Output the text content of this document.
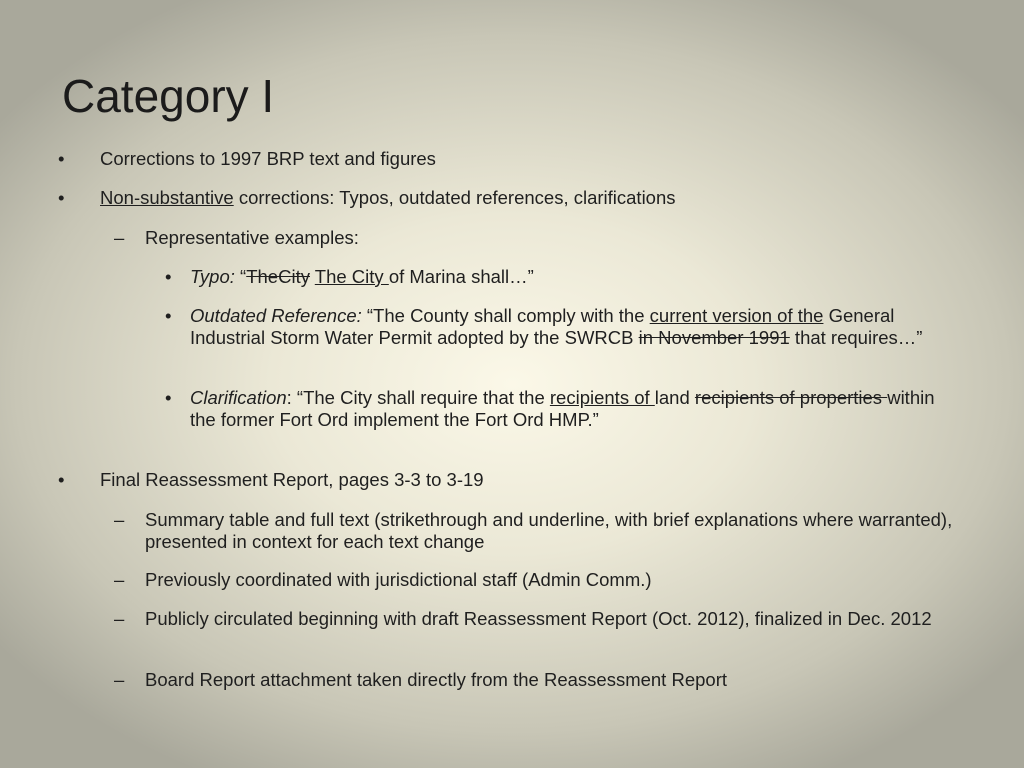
Category I
• Corrections to 1997 BRP text and figures
• Non-substantive corrections: Typos, outdated references, clarifications
– Representative examples:
• Typo: “TheCity The City of Marina shall…”
• Outdated Reference: “The County shall comply with the current version of the General Industrial Storm Water Permit adopted by the SWRCB in November 1991 that requires…”
• Clarification: “The City shall require that the recipients of land recipients of properties within the former Fort Ord implement the Fort Ord HMP.”
• Final Reassessment Report, pages 3-3 to 3-19
– Summary table and full text (strikethrough and underline, with brief explanations where warranted), presented in context for each text change
– Previously coordinated with jurisdictional staff (Admin Comm.)
– Publicly circulated beginning with draft Reassessment Report (Oct. 2012), finalized in Dec. 2012
– Board Report attachment taken directly from the Reassessment Report
